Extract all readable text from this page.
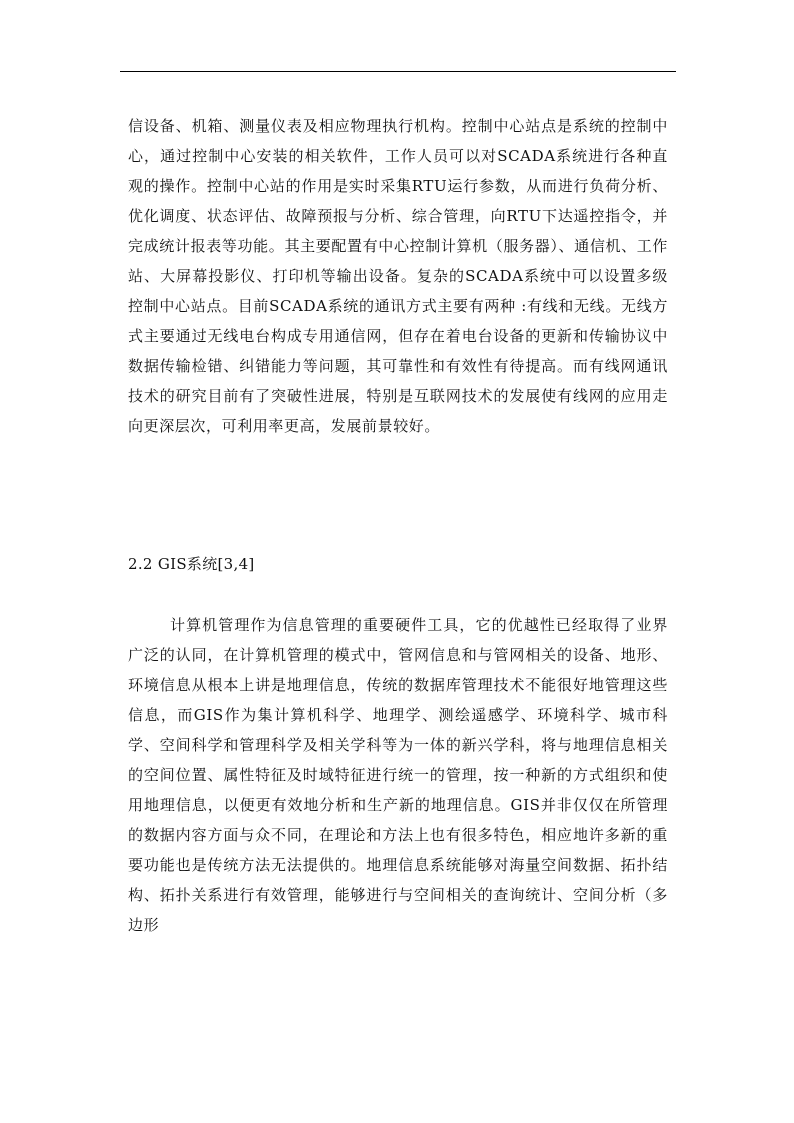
信设备、机箱、测量仪表及相应物理执行机构。控制中心站点是系统的控制中心，通过控制中心安装的相关软件，工作人员可以对SCADA系统进行各种直观的操作。控制中心站的作用是实时采集RTU运行参数，从而进行负荷分析、优化调度、状态评估、故障预报与分析、综合管理，向RTU下达遥控指令，并完成统计报表等功能。其主要配置有中心控制计算机（服务器）、通信机、工作站、大屏幕投影仪、打印机等输出设备。复杂的SCADA系统中可以设置多级控制中心站点。目前SCADA系统的通讯方式主要有两种 :有线和无线。无线方式主要通过无线电台构成专用通信网，但存在着电台设备的更新和传输协议中数据传输检错、纠错能力等问题，其可靠性和有效性有待提高。而有线网通讯技术的研究目前有了突破性进展，特别是互联网技术的发展使有线网的应用走向更深层次，可利用率更高，发展前景较好。

2.2 GIS系统[3,4]

计算机管理作为信息管理的重要硬件工具，它的优越性已经取得了业界广泛的认同，在计算机管理的模式中，管网信息和与管网相关的设备、地形、环境信息从根本上讲是地理信息，传统的数据库管理技术不能很好地管理这些信息，而GIS作为集计算机科学、地理学、测绘遥感学、环境科学、城市科学、空间科学和管理科学及相关学科等为一体的新兴学科，将与地理信息相关的空间位置、属性特征及时域特征进行统一的管理，按一种新的方式组织和使用地理信息，以便更有效地分析和生产新的地理信息。GIS并非仅仅在所管理的数据内容方面与众不同，在理论和方法上也有很多特色，相应地许多新的重要功能也是传统方法无法提供的。地理信息系统能够对海量空间数据、拓扑结构、拓扑关系进行有效管理，能够进行与空间相关的查询统计、空间分析（多边形
